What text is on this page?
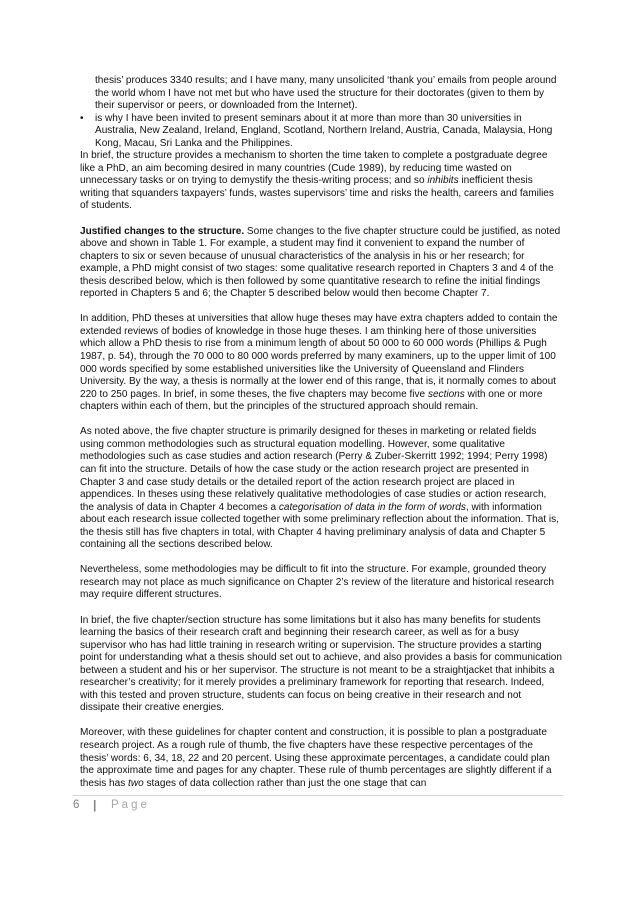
thesis’ produces 3340 results; and I have many, many unsolicited ‘thank you’ emails from people around the world whom I have not met but who have used the structure for their doctorates (given to them by their supervisor or peers, or downloaded from the Internet).

• is why I have been invited to present seminars about it at more than more than 30 universities in Australia, New Zealand, Ireland, England, Scotland, Northern Ireland, Austria, Canada, Malaysia, Hong Kong, Macau, Sri Lanka and the Philippines.

In brief, the structure provides a mechanism to shorten the time taken to complete a postgraduate degree like a PhD, an aim becoming desired in many countries (Cude 1989), by reducing time wasted on unnecessary tasks or on trying to demystify the thesis-writing process; and so inhibits inefficient thesis writing that squanders taxpayers’ funds, wastes supervisors’ time and risks the health, careers and families of students.

Justified changes to the structure. Some changes to the five chapter structure could be justified, as noted above and shown in Table 1. For example, a student may find it convenient to expand the number of chapters to six or seven because of unusual characteristics of the analysis in his or her research; for example, a PhD might consist of two stages: some qualitative research reported in Chapters 3 and 4 of the thesis described below, which is then followed by some quantitative research to refine the initial findings reported in Chapters 5 and 6; the Chapter 5 described below would then become Chapter 7.

In addition, PhD theses at universities that allow huge theses may have extra chapters added to contain the extended reviews of bodies of knowledge in those huge theses. I am thinking here of those universities which allow a PhD thesis to rise from a minimum length of about 50 000 to 60 000 words (Phillips & Pugh 1987, p. 54), through the 70 000 to 80 000 words preferred by many examiners, up to the upper limit of 100 000 words specified by some established universities like the University of Queensland and Flinders University. By the way, a thesis is normally at the lower end of this range, that is, it normally comes to about 220 to 250 pages. In brief, in some theses, the five chapters may become five sections with one or more chapters within each of them, but the principles of the structured approach should remain.

As noted above, the five chapter structure is primarily designed for theses in marketing or related fields using common methodologies such as structural equation modelling. However, some qualitative methodologies such as case studies and action research (Perry & Zuber-Skerritt 1992; 1994; Perry 1998) can fit into the structure. Details of how the case study or the action research project are presented in Chapter 3 and case study details or the detailed report of the action research project are placed in appendices. In theses using these relatively qualitative methodologies of case studies or action research, the analysis of data in Chapter 4 becomes a categorisation of data in the form of words, with information about each research issue collected together with some preliminary reflection about the information. That is, the thesis still has five chapters in total, with Chapter 4 having preliminary analysis of data and Chapter 5 containing all the sections described below.

Nevertheless, some methodologies may be difficult to fit into the structure. For example, grounded theory research may not place as much significance on Chapter 2’s review of the literature and historical research may require different structures.

In brief, the five chapter/section structure has some limitations but it also has many benefits for students learning the basics of their research craft and beginning their research career, as well as for a busy supervisor who has had little training in research writing or supervision. The structure provides a starting point for understanding what a thesis should set out to achieve, and also provides a basis for communication between a student and his or her supervisor. The structure is not meant to be a straightjacket that inhibits a researcher’s creativity; for it merely provides a preliminary framework for reporting that research. Indeed, with this tested and proven structure, students can focus on being creative in their research and not dissipate their creative energies.

Moreover, with these guidelines for chapter content and construction, it is possible to plan a postgraduate research project. As a rough rule of thumb, the five chapters have these respective percentages of the thesis’ words: 6, 34, 18, 22 and 20 percent. Using these approximate percentages, a candidate could plan the approximate time and pages for any chapter. These rule of thumb percentages are slightly different if a thesis has two stages of data collection rather than just the one stage that can

6 | Page
